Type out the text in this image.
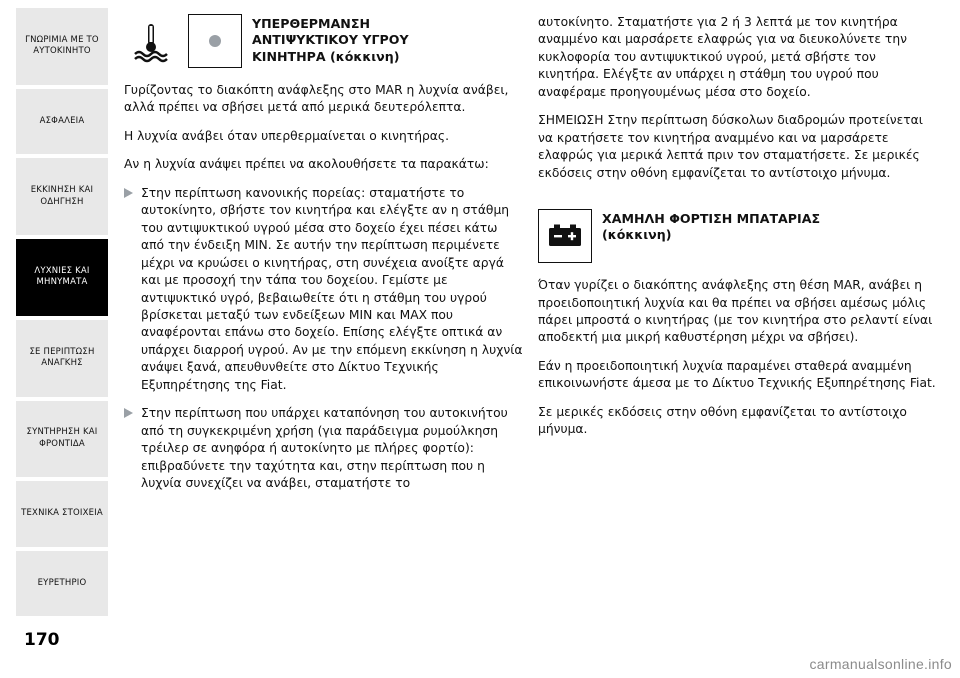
ΓΝΩΡΙΜΙΑ ΜΕ ΤΟ ΑΥΤΟΚΙΝΗΤΟ
ΑΣΦΑΛΕΙΑ
ΕΚΚΙΝΗΣΗ ΚΑΙ ΟΔΗΓΗΣΗ
ΛΥΧΝΙΕΣ ΚΑΙ ΜΗΝΥΜΑΤΑ
ΣΕ ΠΕΡΙΠΤΩΣΗ ΑΝΑΓΚΗΣ
ΣΥΝΤΗΡΗΣΗ ΚΑΙ ΦΡΟΝΤΙΔΑ
ΤΕΧΝΙΚΑ ΣΤΟΙΧΕΙΑ
ΕΥΡΕΤΗΡΙΟ
170
ΥΠΕΡΘΕΡΜΑΝΣΗ
ΑΝΤΙΨΥΚΤΙΚΟΥ ΥΓΡΟΥ
ΚΙΝΗΤΗΡΑ (κόκκινη)

Γυρίζοντας το διακόπτη ανάφλεξης στο MAR η λυχνία ανάβει, αλλά πρέπει να σβήσει μετά από μερικά δευτερόλεπτα.

Η λυχνία ανάβει όταν υπερθερμαίνεται ο κινητήρας.

Αν η λυχνία ανάψει πρέπει να ακολουθήσετε τα παρακάτω:

Στην περίπτωση κανονικής πορείας: σταματήστε το αυτοκίνητο, σβήστε τον κινητήρα και ελέγξτε αν η στάθμη του αντιψυκτικού υγρού μέσα στο δοχείο έχει πέσει κάτω από την ένδειξη MIN. Σε αυτήν την περίπτωση περιμένετε μέχρι να κρυώσει ο κινητήρας, στη συνέχεια ανοίξτε αργά και με προσοχή την τάπα του δοχείου. Γεμίστε με αντιψυκτικό υγρό, βεβαιωθείτε ότι η στάθμη του υγρού βρίσκεται μεταξύ των ενδείξεων MIN και MAX που αναφέρονται επάνω στο δοχείο. Επίσης ελέγξτε οπτικά αν υπάρχει διαρροή υγρού. Αν με την επόμενη εκκίνηση η λυχνία ανάψει ξανά, απευθυνθείτε στο Δίκτυο Τεχνικής Εξυπηρέτησης της Fiat.
Στην περίπτωση που υπάρχει καταπόνηση του αυτοκινήτου από τη συγκεκριμένη χρήση (για παράδειγμα ρυμούλκηση τρέιλερ σε ανηφόρα ή αυτοκίνητο με πλήρες φορτίο): επιβραδύνετε την ταχύτητα και, στην περίπτωση που η λυχνία συνεχίζει να ανάβει, σταματήστε το

αυτοκίνητο. Σταματήστε για 2 ή 3 λεπτά με τον κινητήρα αναμμένο και μαρσάρετε ελαφρώς για να διευκολύνετε την κυκλοφορία του αντιψυκτικού υγρού, μετά σβήστε τον κινητήρα. Ελέγξτε αν υπάρχει η στάθμη του υγρού που αναφέραμε προηγουμένως μέσα στο δοχείο.

ΣΗΜΕΙΩΣΗ Στην περίπτωση δύσκολων διαδρομών προτείνεται να κρατήσετε τον κινητήρα αναμμένο και να μαρσάρετε ελαφρώς για μερικά λεπτά πριν τον σταματήσετε. Σε μερικές εκδόσεις στην οθόνη εμφανίζεται το αντίστοιχο μήνυμα.

ΧΑΜΗΛΗ ΦΟΡΤΙΣΗ ΜΠΑΤΑΡΙΑΣ
(κόκκινη)

Όταν γυρίζει ο διακόπτης ανάφλεξης στη θέση MAR, ανάβει η προειδοποιητική λυχνία και θα πρέπει να σβήσει αμέσως μόλις πάρει μπροστά ο κινητήρας (με τον κινητήρα στο ρελαντί είναι αποδεκτή μια μικρή καθυστέρηση μέχρι να σβήσει).

Εάν η προειδοποιητική λυχνία παραμένει σταθερά αναμμένη επικοινωνήστε άμεσα με το Δίκτυο Τεχνικής Εξυπηρέτησης Fiat.

Σε μερικές εκδόσεις στην οθόνη εμφανίζεται το αντίστοιχο μήνυμα.

carmanualsonline.info
